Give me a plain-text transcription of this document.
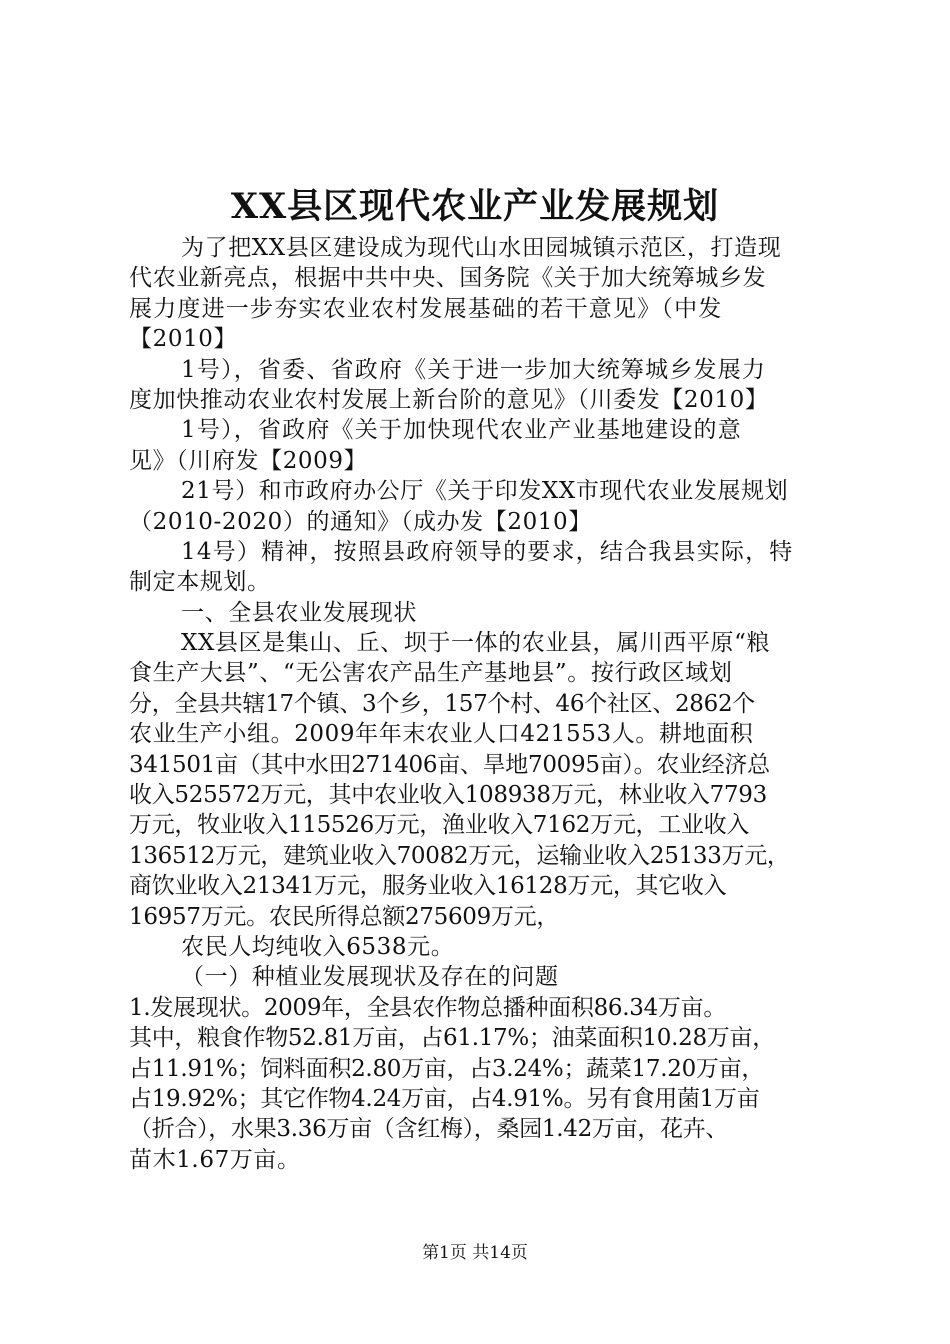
XX县区现代农业产业发展规划
为了把XX县区建设成为现代山水田园城镇示范区，打造现
代农业新亮点，根据中共中央、国务院《关于加大统筹城乡发
展力度进一步夯实农业农村发展基础的若干意见》（中发
【2010】
1号），省委、省政府《关于进一步加大统筹城乡发展力
度加快推动农业农村发展上新台阶的意见》（川委发【2010】
1号），省政府《关于加快现代农业产业基地建设的意
见》（川府发【2009】
21号）和市政府办公厅《关于印发XX市现代农业发展规划
（2010-2020）的通知》（成办发【2010】
14号）精神，按照县政府领导的要求，结合我县实际，特
制定本规划。
一、全县农业发展现状
XX县区是集山、丘、坝于一体的农业县，属川西平原“粮
食生产大县”、“无公害农产品生产基地县”。按行政区域划
分，全县共辖17个镇、3个乡，157个村、46个社区、2862个
农业生产小组。2009年年末农业人口421553人。耕地面积
341501亩（其中水田271406亩、旱地70095亩）。农业经济总
收入525572万元，其中农业收入108938万元，林业收入7793
万元，牧业收入115526万元，渔业收入7162万元，工业收入
136512万元，建筑业收入70082万元，运输业收入25133万元，
商饮业收入21341万元，服务业收入16128万元，其它收入
16957万元。农民所得总额275609万元，
农民人均纯收入6538元。
（一）种植业发展现状及存在的问题
1.发展现状。2009年，全县农作物总播种面积86.34万亩。
其中，粮食作物52.81万亩，占61.17%；油菜面积10.28万亩，
占11.91%；饲料面积2.80万亩，占3.24%；蔬菜17.20万亩，
占19.92%；其它作物4.24万亩，占4.91%。另有食用菌1万亩
（折合），水果3.36万亩（含红梅），桑园1.42万亩，花卉、
苗木1.67万亩。
第1页 共14页
